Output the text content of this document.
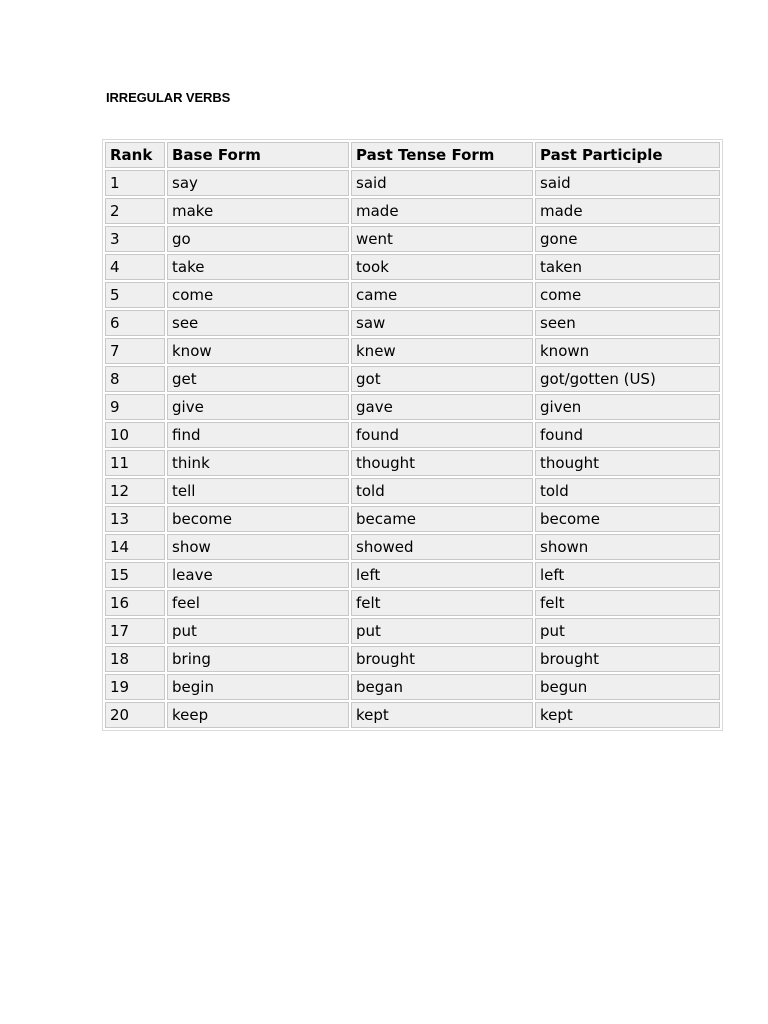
IRREGULAR VERBS
Rank	Base Form	Past Tense Form	Past Participle
1	say	said	said
2	make	made	made
3	go	went	gone
4	take	took	taken
5	come	came	come
6	see	saw	seen
7	know	knew	known
8	get	got	got/gotten (US)
9	give	gave	given
10	find	found	found
11	think	thought	thought
12	tell	told	told
13	become	became	become
14	show	showed	shown
15	leave	left	left
16	feel	felt	felt
17	put	put	put
18	bring	brought	brought
19	begin	began	begun
20	keep	kept	kept
